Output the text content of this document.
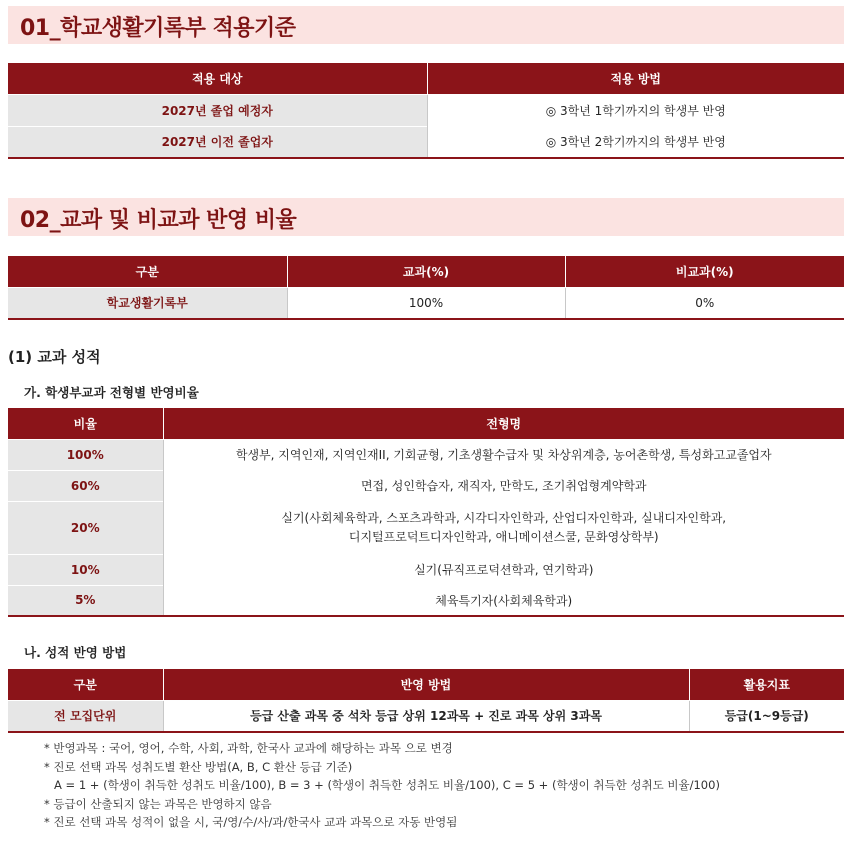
01_학교생활기록부 적용기준
적용 대상	적용 방법
2027년 졸업 예정자	◎ 3학년 1학기까지의 학생부 반영
2027년 이전 졸업자	◎ 3학년 2학기까지의 학생부 반영
02_교과 및 비교과 반영 비율
구분	교과(%)	비교과(%)
학교생활기록부	100%	0%
(1) 교과 성적
가. 학생부교과 전형별 반영비율
비율	전형명
100%	학생부, 지역인재, 지역인재II, 기회균형, 기초생활수급자 및 차상위계층, 농어촌학생, 특성화고교졸업자
60%	면접, 성인학습자, 재직자, 만학도, 조기취업형계약학과
20%	실기(사회체육학과, 스포츠과학과, 시각디자인학과, 산업디자인학과, 실내디자인학과,
디지털프로덕트디자인학과, 애니메이션스쿨, 문화영상학부)

10%	실기(뮤직프로덕션학과, 연기학과)
5%	체육특기자(사회체육학과)
나. 성적 반영 방법
구분	반영 방법	활용지표
전 모집단위	등급 산출 과목 중 석차 등급 상위 12과목 + 진로 과목 상위 3과목	등급(1~9등급)
* 반영과목 : 국어, 영어, 수학, 사회, 과학, 한국사 교과에 해당하는 과목 으로 변경
* 진로 선택 과목 성취도별 환산 방법(A, B, C 환산 등급 기준)
A = 1 + (학생이 취득한 성취도 비율/100), B = 3 + (학생이 취득한 성취도 비율/100), C = 5 + (학생이 취득한 성취도 비율/100)
* 등급이 산출되지 않는 과목은 반영하지 않음
* 진로 선택 과목 성적이 없을 시, 국/영/수/사/과/한국사 교과 과목으로 자동 반영됨
